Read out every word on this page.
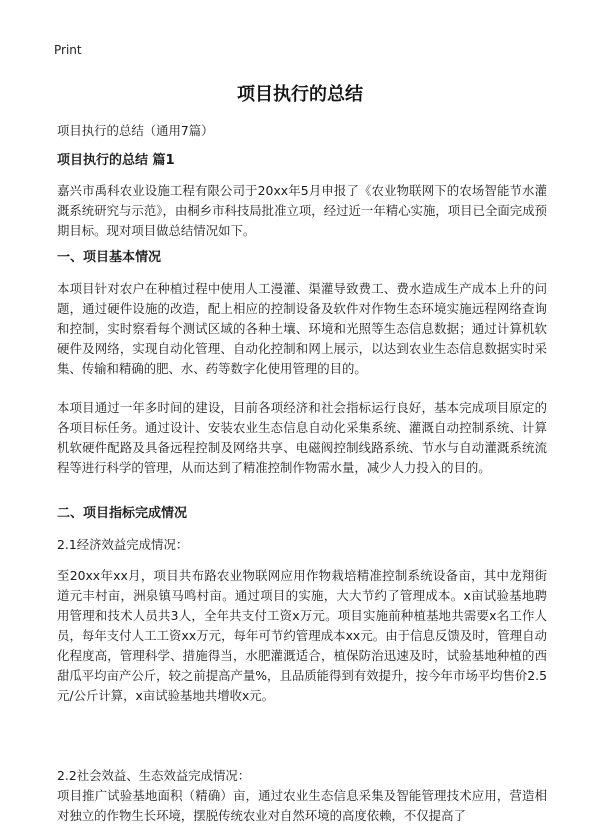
Print
项目执行的总结

项目执行的总结（通用7篇）

项目执行的总结 篇1

嘉兴市禹科农业设施工程有限公司于20xx年5月申报了《农业物联网下的农场智能节水灌溉系统研究与示范》，由桐乡市科技局批准立项，经过近一年精心实施，项目已全面完成预期目标。现对项目做总结情况如下。

一、项目基本情况

本项目针对农户在种植过程中使用人工漫灌、渠灌导致费工、费水造成生产成本上升的问题，通过硬件设施的改造，配上相应的控制设备及软件对作物生态环境实施远程网络查询和控制，实时察看每个测试区域的各种土壤、环境和光照等生态信息数据；通过计算机软硬件及网络，实现自动化管理、自动化控制和网上展示，以达到农业生态信息数据实时采集、传输和精确的肥、水、药等数字化使用管理的目的。

本项目通过一年多时间的建设，目前各项经济和社会指标运行良好，基本完成项目原定的各项目标任务。通过设计、安装农业生态信息自动化采集系统、灌溉自动控制系统、计算机软硬件配路及具备远程控制及网络共享、电磁阀控制线路系统、节水与自动灌溉系统流程等进行科学的管理，从而达到了精准控制作物需水量，减少人力投入的目的。

二、项目指标完成情况

2.1经济效益完成情况：

至20xx年xx月，项目共布路农业物联网应用作物栽培精准控制系统设备亩，其中龙翔街道元丰村亩，洲泉镇马鸣村亩。通过项目的实施，大大节约了管理成本。x亩试验基地聘用管理和技术人员共3人，全年共支付工资x万元。项目实施前种植基地共需要x名工作人员，每年支付人工工资xx万元，每年可节约管理成本xx元。由于信息反馈及时，管理自动化程度高，管理科学、措施得当，水肥灌溉适合，植保防治迅速及时，试验基地种植的西甜瓜平均亩产公斤，较之前提高产量%，且品质能得到有效提升，按今年市场平均售价2.5元/公斤计算，x亩试验基地共增收x元。

2.2社会效益、生态效益完成情况：

项目推广试验基地面积（精确）亩，通过农业生态信息采集及智能管理技术应用，营造相对独立的作物生长环境，摆脱传统农业对自然环境的高度依赖，不仅提高了
